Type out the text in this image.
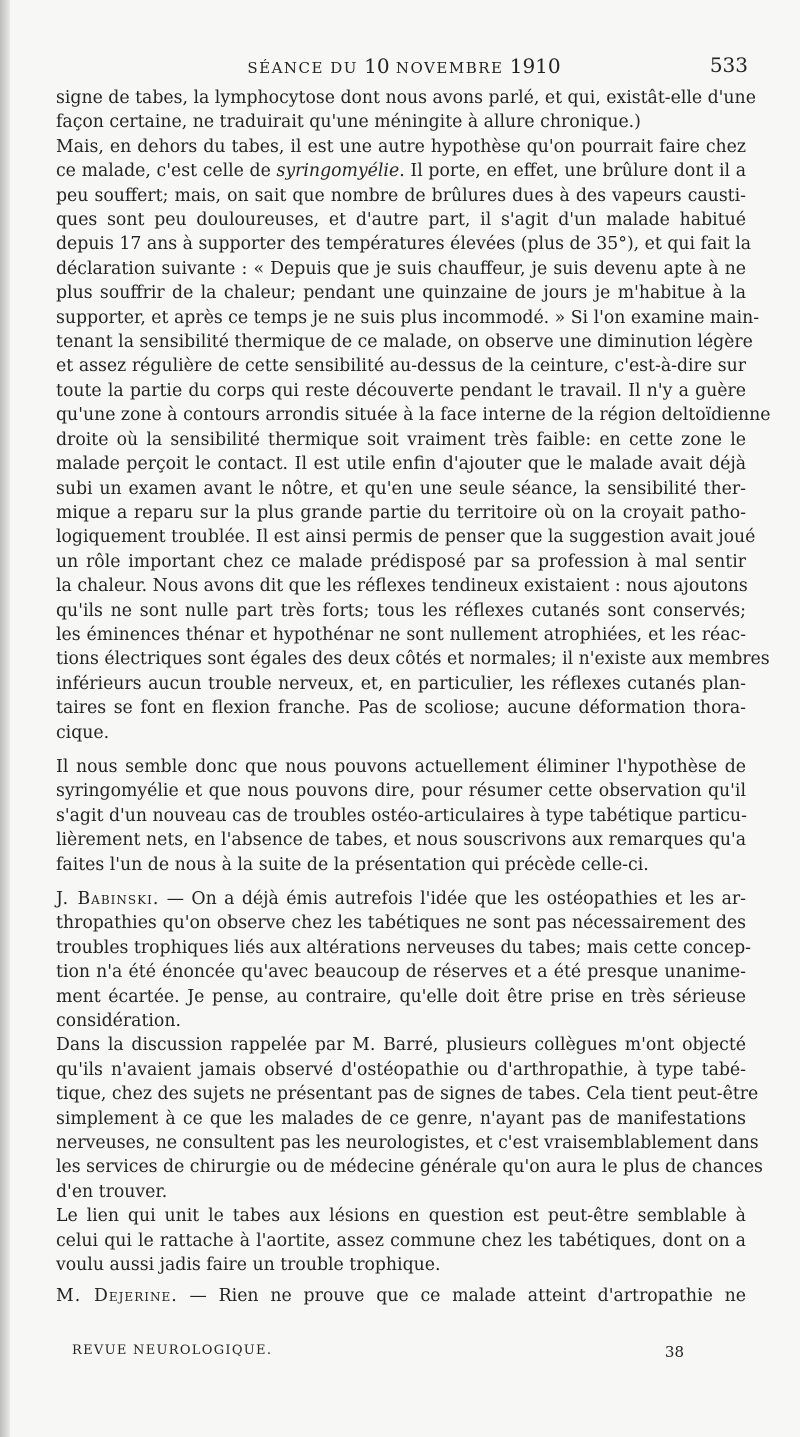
SÉANCE DU 10 NOVEMBRE 1910	533
signe de tabes, la lymphocytose dont nous avons parlé, et qui, existât-elle d'une
façon certaine, ne traduirait qu'une méningite à allure chronique.)
Mais, en dehors du tabes, il est une autre hypothèse qu'on pourrait faire chez
ce malade, c'est celle de syringomyélie. Il porte, en effet, une brûlure dont il a
peu souffert; mais, on sait que nombre de brûlures dues à des vapeurs causti-
ques sont peu douloureuses, et d'autre part, il s'agit d'un malade habitué
depuis 17 ans à supporter des températures élevées (plus de 35°), et qui fait la
déclaration suivante : « Depuis que je suis chauffeur, je suis devenu apte à ne
plus souffrir de la chaleur; pendant une quinzaine de jours je m'habitue à la
supporter, et après ce temps je ne suis plus incommodé. » Si l'on examine main-
tenant la sensibilité thermique de ce malade, on observe une diminution légère
et assez régulière de cette sensibilité au-dessus de la ceinture, c'est-à-dire sur
toute la partie du corps qui reste découverte pendant le travail. Il n'y a guère
qu'une zone à contours arrondis située à la face interne de la région deltoïdienne
droite où la sensibilité thermique soit vraiment très faible: en cette zone le
malade perçoit le contact. Il est utile enfin d'ajouter que le malade avait déjà
subi un examen avant le nôtre, et qu'en une seule séance, la sensibilité ther-
mique a reparu sur la plus grande partie du territoire où on la croyait patho-
logiquement troublée. Il est ainsi permis de penser que la suggestion avait joué
un rôle important chez ce malade prédisposé par sa profession à mal sentir
la chaleur. Nous avons dit que les réflexes tendineux existaient : nous ajoutons
qu'ils ne sont nulle part très forts; tous les réflexes cutanés sont conservés;
les éminences thénar et hypothénar ne sont nullement atrophiées, et les réac-
tions électriques sont égales des deux côtés et normales; il n'existe aux membres
inférieurs aucun trouble nerveux, et, en particulier, les réflexes cutanés plan-
taires se font en flexion franche. Pas de scoliose; aucune déformation thora-
cique.
Il nous semble donc que nous pouvons actuellement éliminer l'hypothèse de
syringomyélie et que nous pouvons dire, pour résumer cette observation qu'il
s'agit d'un nouveau cas de troubles ostéo-articulaires à type tabétique particu-
lièrement nets, en l'absence de tabes, et nous souscrivons aux remarques qu'a
faites l'un de nous à la suite de la présentation qui précède celle-ci.
J. Babinski. — On a déjà émis autrefois l'idée que les ostéopathies et les ar-
thropathies qu'on observe chez les tabétiques ne sont pas nécessairement des
troubles trophiques liés aux altérations nerveuses du tabes; mais cette concep-
tion n'a été énoncée qu'avec beaucoup de réserves et a été presque unanime-
ment écartée. Je pense, au contraire, qu'elle doit être prise en très sérieuse
considération.
Dans la discussion rappelée par M. Barré, plusieurs collègues m'ont objecté
qu'ils n'avaient jamais observé d'ostéopathie ou d'arthropathie, à type tabé-
tique, chez des sujets ne présentant pas de signes de tabes. Cela tient peut-être
simplement à ce que les malades de ce genre, n'ayant pas de manifestations
nerveuses, ne consultent pas les neurologistes, et c'est vraisemblablement dans
les services de chirurgie ou de médecine générale qu'on aura le plus de chances
d'en trouver.
Le lien qui unit le tabes aux lésions en question est peut-être semblable à
celui qui le rattache à l'aortite, assez commune chez les tabétiques, dont on a
voulu aussi jadis faire un trouble trophique.
M. Dejerine. — Rien ne prouve que ce malade atteint d'artropathie ne
REVUE NEUROLOGIQUE.	38
